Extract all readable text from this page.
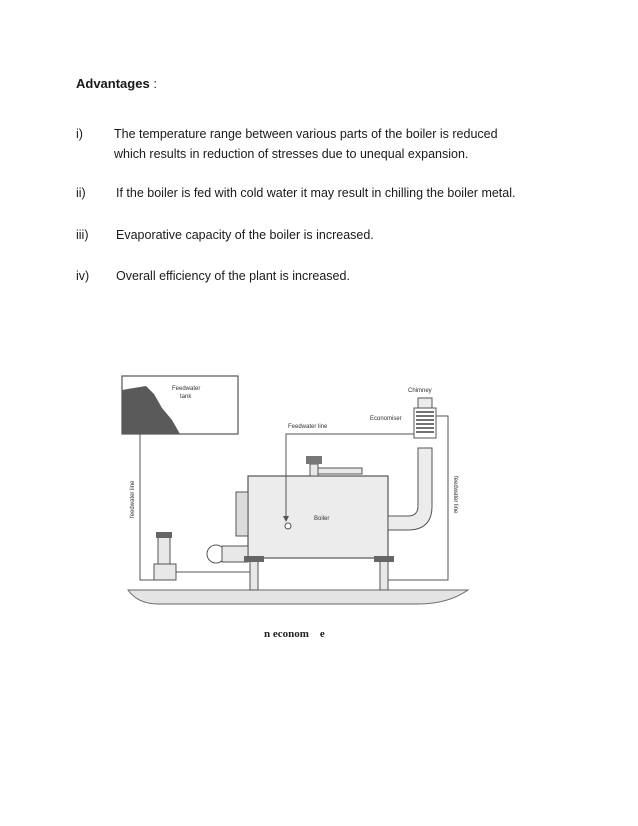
Advantages :
i)	The temperature range between various parts of the boiler is reduced
which results in reduction of stresses due to unequal expansion.
ii)	If the boiler is fed with cold water it may result in chilling the boiler metal.
iii)	Evaporative capacity of the boiler is increased.
iv)	Overall efficiency of the plant is increased.
Feedwater
tank
feedwater line
Boiler
Chimney
Economiser
Feedwater line
feedwater line
n econom    e
